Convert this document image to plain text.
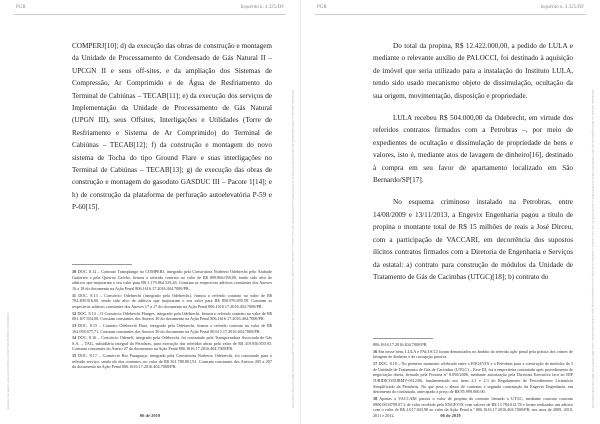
PGR	Inquérito n. 4.325/DF

COMPERJ[10]; d) da execução das obras de construção e montagem da Unidade de Processamento de Condensado de Gás Natural II – UPCGN II e seus off-sites, e da ampliação dos Sistemas de Compressão, Ar Comprimido e de Água de Resfriamento do Terminal de Cabiúnas – TECAB[11]; e) da execução dos serviços de Implementação da Unidade de Processamento de Gás Natural (UPGN III), seus Offsites, Interligações e Utilidades (Torre de Resfriamento e Sistema de Ar Comprimido) do Terminal de Cabiúnas – TECAB[12]; f) da construção e montagem do novo sistema de Tocha do tipo Ground Flare e suas interligações no Terminal de Cabiúnas – TECAB[13]; g) de execução das obras de construção e montagem do gasoduto GASDUC III – Pacote 1[14]; e h) de construção da plataforma de perfuração autoelevatória P-59 e P-60[15].

10 DOC. 8.12 – Contrato Transplango no COMPERJ, integrado pela Construtora Norberto Odebrecht pelo Andrade Gutierrez e pela Queiroz Galvão, firmou o referido contrato no valor de R$ 809.866.058,00, tendo sido alvo de aditivos que majoraram o seu valor para R$ 1.179.864.329,26. Constam as respectivas aditivos constantes dos Anexos 16 a 18 do documento na Ação Penal 806.1616.17.2016.404.7000/PR.

11 DOC. 8.13 – Consórcio Odebrecht (integrado pela Odebrecht), firmou o referido contrato no valor de R$ 702.208.916,00, tendo sido alvo de aditivos que majoraram o seu valor para R$ 850.976.695,58. Constam as respectivas aditivos constantes dos Anexos 17 a 17 do documento na Ação Penal 806.1616.17.2016.404.7000/PR.

12 DOC. 8.14 – O Consórcio Odebrecht Flanges, integrado pela Odebrecht, firmou o referido contrato no valor de R$ 681.107.934,00. Constam constantes dos Anexos 30 do documento na Ação Penal 806.1616.17.2016.404.7000/PR.

13 DOC. 8.15 – Contrato Odebrecht Flare, integrado pela Odebrecht, firmou o referido contrato no valor de R$ 162.058.677,71. Constam constantes dos Anexos 30 do documento na Ação Penal 80.615.17.2016.404.7000/PR.

14 DOC. 8.16 – Consórcio Odenelf, integrado pela Odebrecht, foi contratado pela Transportadora Associada de Gás S.A. – TAG, subsidiária integral da Petrobras, para execução das referidas obras pelo valor de R$ 419.950.850,93. Constam constantes do Anexo 27 do documento na Ação Penal 806.1616.17.2016.404.7000/PR.

15 DOC. 8.17 – Consórcio Rio Paraguaçu, integrado pela Construtora Norberto Odebrecht, foi contratado para o referido serviço, sendo ele dos contratos, no valor de R$ 361.789.801,91. Constam constantes dos Anexos 205 a 207 do documento na Ação Penal 806.1616.17.2016.404.7000/PR.	Documento assinado via Token digitalmente por PROCURADOR-GERAL DA REPÚBLICA, em 20/04/2019 11:42. Para verificar a assinatura acesse http://www.transparencia.mpf.mp.br/validacaodocumento. Chave 2B6C3D4E.F5A67B89.1C2D3E4F.5A6B7C8D
Assinado com login e senha por RODRIGO JANOT MONTEIRO DE BARROS
06 de 2019
PGR	Inquérito n. 4.325/DF

Do total da propina, R$ 12.422.000,00, a pedido de LULA e mediante o relevante auxílio de PALOCCI, foi destinado à aquisição de imóvel que seria utilizado para a instalação do Instituto LULA, tendo sido usado mecanismo objeto de dissimulação, ocultação da sua origem, movimentação, disposição e propriedade.

LULA recebeu R$ 504.000,00 da Odebrecht, em virtude dos referidos contratos firmados com a Petrobras –, por meio de expedientes de ocultação e dissimulação de propriedade de bens e valores, isto é, mediante atos de lavagem de dinheiro[16], destinado à compra em seu favor de apartamento localizado em São Bernardo/SP[17].

No esquema criminoso instalado na Petrobras, entre 14/08/2009 e 13/11/2013, a Engevix Engenharia pagou a título de propina o montante total de R$ 15 milhões de reais a José Dirceu, com a participação de VACCARI, em decorrência dos supostos ilícitos contratos firmados com a Diretoria de Engenharia e Serviços da estatal: a) contrato para construção de módulos da Unidade de Tratamento de Gás de Cacimbas (UTGC)[18]; b) contrato do

806.1616.17.2016.404.7000/PR.

16 Em nesse bem, LULA e PALOCCI foram denunciados no âmbito da referida ação penal pela prática dos crimes de lavagem de dinheiro e de corrupção passiva.

17 DOC. 8.18 – No primeiro momento celebrado entre a ENGEVIX e a Petrobras para a construção de módulos da 3 de Unidade de Tratamento de Gás de Cacimbas (UTGC) – Fase III, foi a empreiteira contratada após procedimento de negociação direta, firmado pela Portaria nº 8.050/2006, mediante autorização pela Diretoria Executiva face ao DIP JURIDICO/DJRMV-0312/06, fundamentado nos itens 2.1 e 2.3 do Regulamento de Procedimento Licitatório Simplificado da Petrobras. No que pesa o abuso de contratar a segunda contratação da Engevix Engenharia, em detrimento do contratado, antecipado a preço de R$ 85.999.000,00.

18 Apenas o VACCARI passou o valor de propina do contrato firmado a UTGC, mediante contrato contrato 0800.0034709.07.2 de valor recebido pelo ENGEVIX com valores de R$ 13.784.012,78 e foram realizados um aditivo com o valor de R$ 2.017.843,98 ao valor da Ação Penal n.º 806.1616.17.2016.404.7000/PR, nos anos de 2009, 2010, 2011 e 2012.

Documento assinado via Token digitalmente por PROCURADOR-GERAL DA REPÚBLICA, em 20/04/2019 11:42. Para verificar a assinatura acesse http://www.transparencia.mpf.mp.br/validacaodocumento. Chave 2B6C3D4E.F5A67B89.1C2D3E4F.5A6B7C8D
06 de 2019
